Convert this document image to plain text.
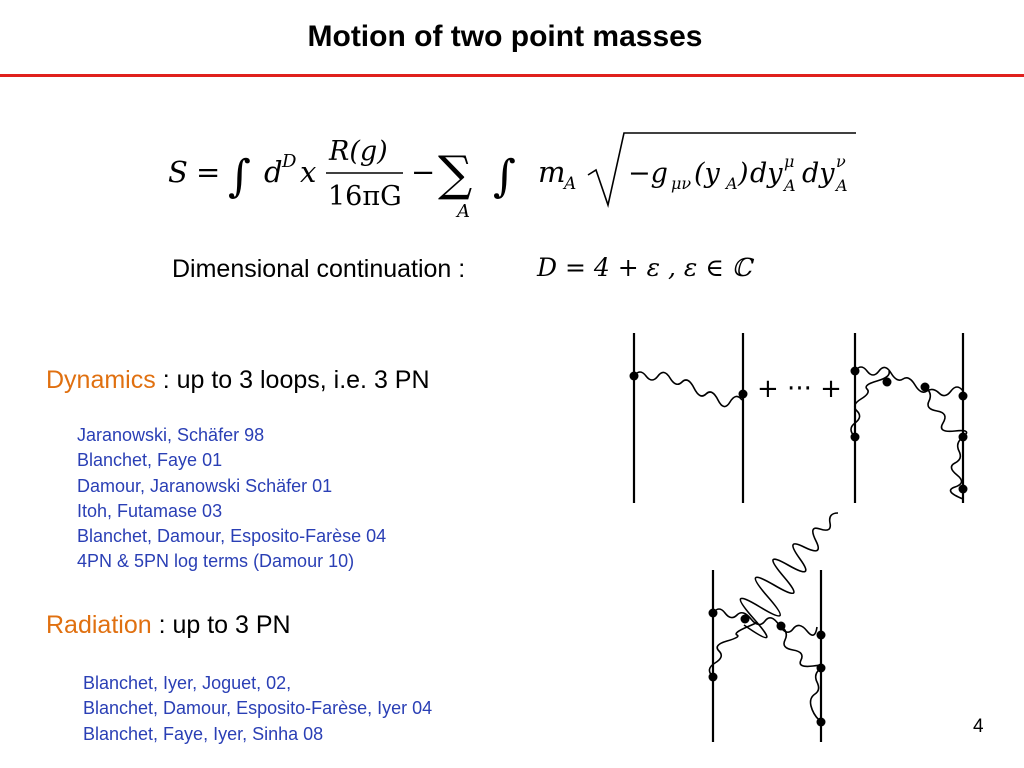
Motion of two point masses
S = ∫ d D x
R(g)
16πG
− ∑
A
∫ m
A −g μν (y A ) dy μ
A dy ν
A
Dimensional continuation :	D = 4 + ε , ε ∈ ℂ
Dynamics : up to 3 loops, i.e. 3 PN
Jaranowski, Schäfer 98
Blanchet, Faye 01
Damour, Jaranowski Schäfer 01
Itoh, Futamase 03
Blanchet, Damour, Esposito-Farèse 04
4PN & 5PN log terms (Damour 10)
Radiation : up to 3 PN
Blanchet, Iyer, Joguet, 02,
Blanchet, Damour, Esposito-Farèse, Iyer 04
Blanchet, Faye, Iyer, Sinha 08
+ ··· +
4
